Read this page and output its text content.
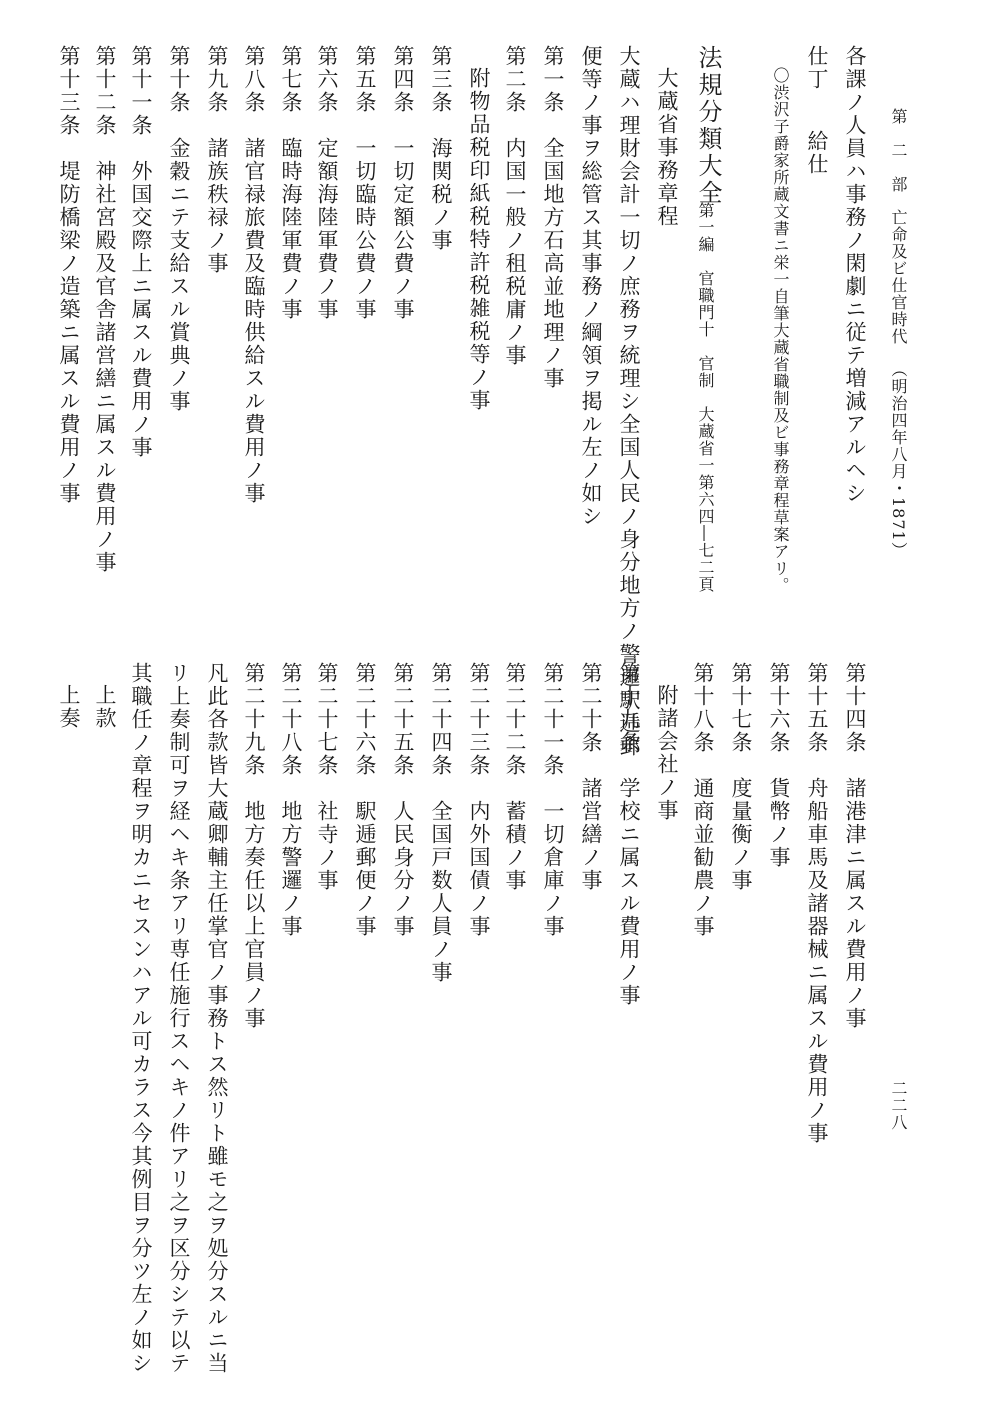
第　二　部亡命及ビ仕官時代（明治四年八月・1871）
二二八
各課ノ人員ハ事務ノ閑劇ニ従テ増減アルヘシ
仕丁
給仕
〇渋沢子爵家所蔵文書ニ栄一自筆大蔵省職制及ビ事務章程草案アリ。
法規分類大全
第一編　官職門十　官制　大蔵省一第六四―七二頁
大蔵省事務章程
大蔵ハ理財会計一切ノ庶務ヲ統理シ全国人民ノ身分地方ノ警邏駅逓郵
便等ノ事ヲ総管ス其事務ノ綱領ヲ掲ル左ノ如シ
第一条　全国地方石高並地理ノ事
第二条　内国一般ノ租税庸ノ事
附物品税印紙税特許税雑税等ノ事
第三条　海関税ノ事
第四条　一切定額公費ノ事
第五条　一切臨時公費ノ事
第六条　定額海陸軍費ノ事
第七条　臨時海陸軍費ノ事
第八条　諸官禄旅費及臨時供給スル費用ノ事
第九条　諸族秩禄ノ事
第十条　金穀ニテ支給スル賞典ノ事
第十一条　外国交際上ニ属スル費用ノ事
第十二条　神社宮殿及官舎諸営繕ニ属スル費用ノ事
第十三条　堤防橋梁ノ造築ニ属スル費用ノ事
第十四条　諸港津ニ属スル費用ノ事
第十五条　舟船車馬及諸器械ニ属スル費用ノ事
第十六条　貨幣ノ事
第十七条　度量衡ノ事
第十八条　通商並勧農ノ事
附諸会社ノ事
第十九条　学校ニ属スル費用ノ事
第二十条　諸営繕ノ事
第二十一条　一切倉庫ノ事
第二十二条　蓄積ノ事
第二十三条　内外国債ノ事
第二十四条　全国戸数人員ノ事
第二十五条　人民身分ノ事
第二十六条　駅逓郵便ノ事
第二十七条　社寺ノ事
第二十八条　地方警邏ノ事
第二十九条　地方奏任以上官員ノ事
凡此各款皆大蔵卿輔主任掌官ノ事務トス然リト雖モ之ヲ処分スルニ当
リ上奏制可ヲ経ヘキ条アリ専任施行スヘキノ件アリ之ヲ区分シテ以テ
其職任ノ章程ヲ明カニセスンハアル可カラス今其例目ヲ分ツ左ノ如シ
上款
上奏
